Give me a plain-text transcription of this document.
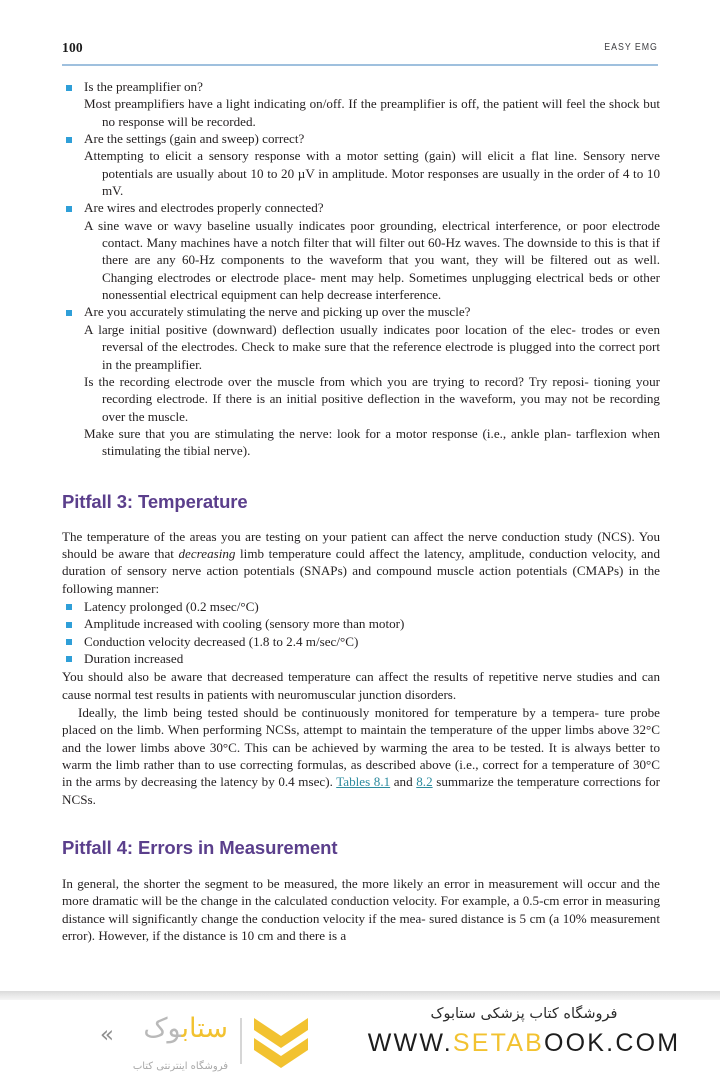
100	EASY EMG
Is the preamplifier on?
Most preamplifiers have a light indicating on/off. If the preamplifier is off, the patient will feel the shock but no response will be recorded.
Are the settings (gain and sweep) correct?
Attempting to elicit a sensory response with a motor setting (gain) will elicit a flat line. Sensory nerve potentials are usually about 10 to 20 µV in amplitude. Motor responses are usually in the order of 4 to 10 mV.
Are wires and electrodes properly connected?
A sine wave or wavy baseline usually indicates poor grounding, electrical interference, or poor electrode contact. Many machines have a notch filter that will filter out 60-Hz waves. The downside to this is that if there are any 60-Hz components to the waveform that you want, they will be filtered out as well. Changing electrodes or electrode place- ment may help. Sometimes unplugging electrical beds or other nonessential electrical equipment can help decrease interference.
Are you accurately stimulating the nerve and picking up over the muscle?
A large initial positive (downward) deflection usually indicates poor location of the elec- trodes or even reversal of the electrodes. Check to make sure that the reference electrode is plugged into the correct port in the preamplifier.
Is the recording electrode over the muscle from which you are trying to record? Try reposi- tioning your recording electrode. If there is an initial positive deflection in the waveform, you may not be recording over the muscle.
Make sure that you are stimulating the nerve: look for a motor response (i.e., ankle plan- tarflexion when stimulating the tibial nerve).
Pitfall 3: Temperature

The temperature of the areas you are testing on your patient can affect the nerve conduction study (NCS). You should be aware that decreasing limb temperature could affect the latency, amplitude, conduction velocity, and duration of sensory nerve action potentials (SNAPs) and compound muscle action potentials (CMAPs) in the following manner:

Latency prolonged (0.2 msec/°C)
Amplitude increased with cooling (sensory more than motor)
Conduction velocity decreased (1.8 to 2.4 m/sec/°C)
Duration increased

You should also be aware that decreased temperature can affect the results of repetitive nerve studies and can cause normal test results in patients with neuromuscular junction disorders.

Ideally, the limb being tested should be continuously monitored for temperature by a tempera- ture probe placed on the limb. When performing NCSs, attempt to maintain the temperature of the upper limbs above 32°C and the lower limbs above 30°C. This can be achieved by warming the area to be tested. It is always better to warm the limb rather than to use correcting formulas, as described above (i.e., correct for a temperature of 30°C in the arms by decreasing the latency by 0.4 msec). Tables 8.1 and 8.2 summarize the temperature corrections for NCSs.

Pitfall 4: Errors in Measurement

In general, the shorter the segment to be measured, the more likely an error in measurement will occur and the more dramatic will be the change in the calculated conduction velocity. For example, a 0.5-cm error in measuring distance will significantly change the conduction velocity if the mea- sured distance is 5 cm (a 10% measurement error). However, if the distance is 10 cm and there is a

«	ستابوک
فروشگاه اینترنتی کتاب
فروشگاه کتاب پزشکی ستابوک
WWW.SETABOOK.COM
